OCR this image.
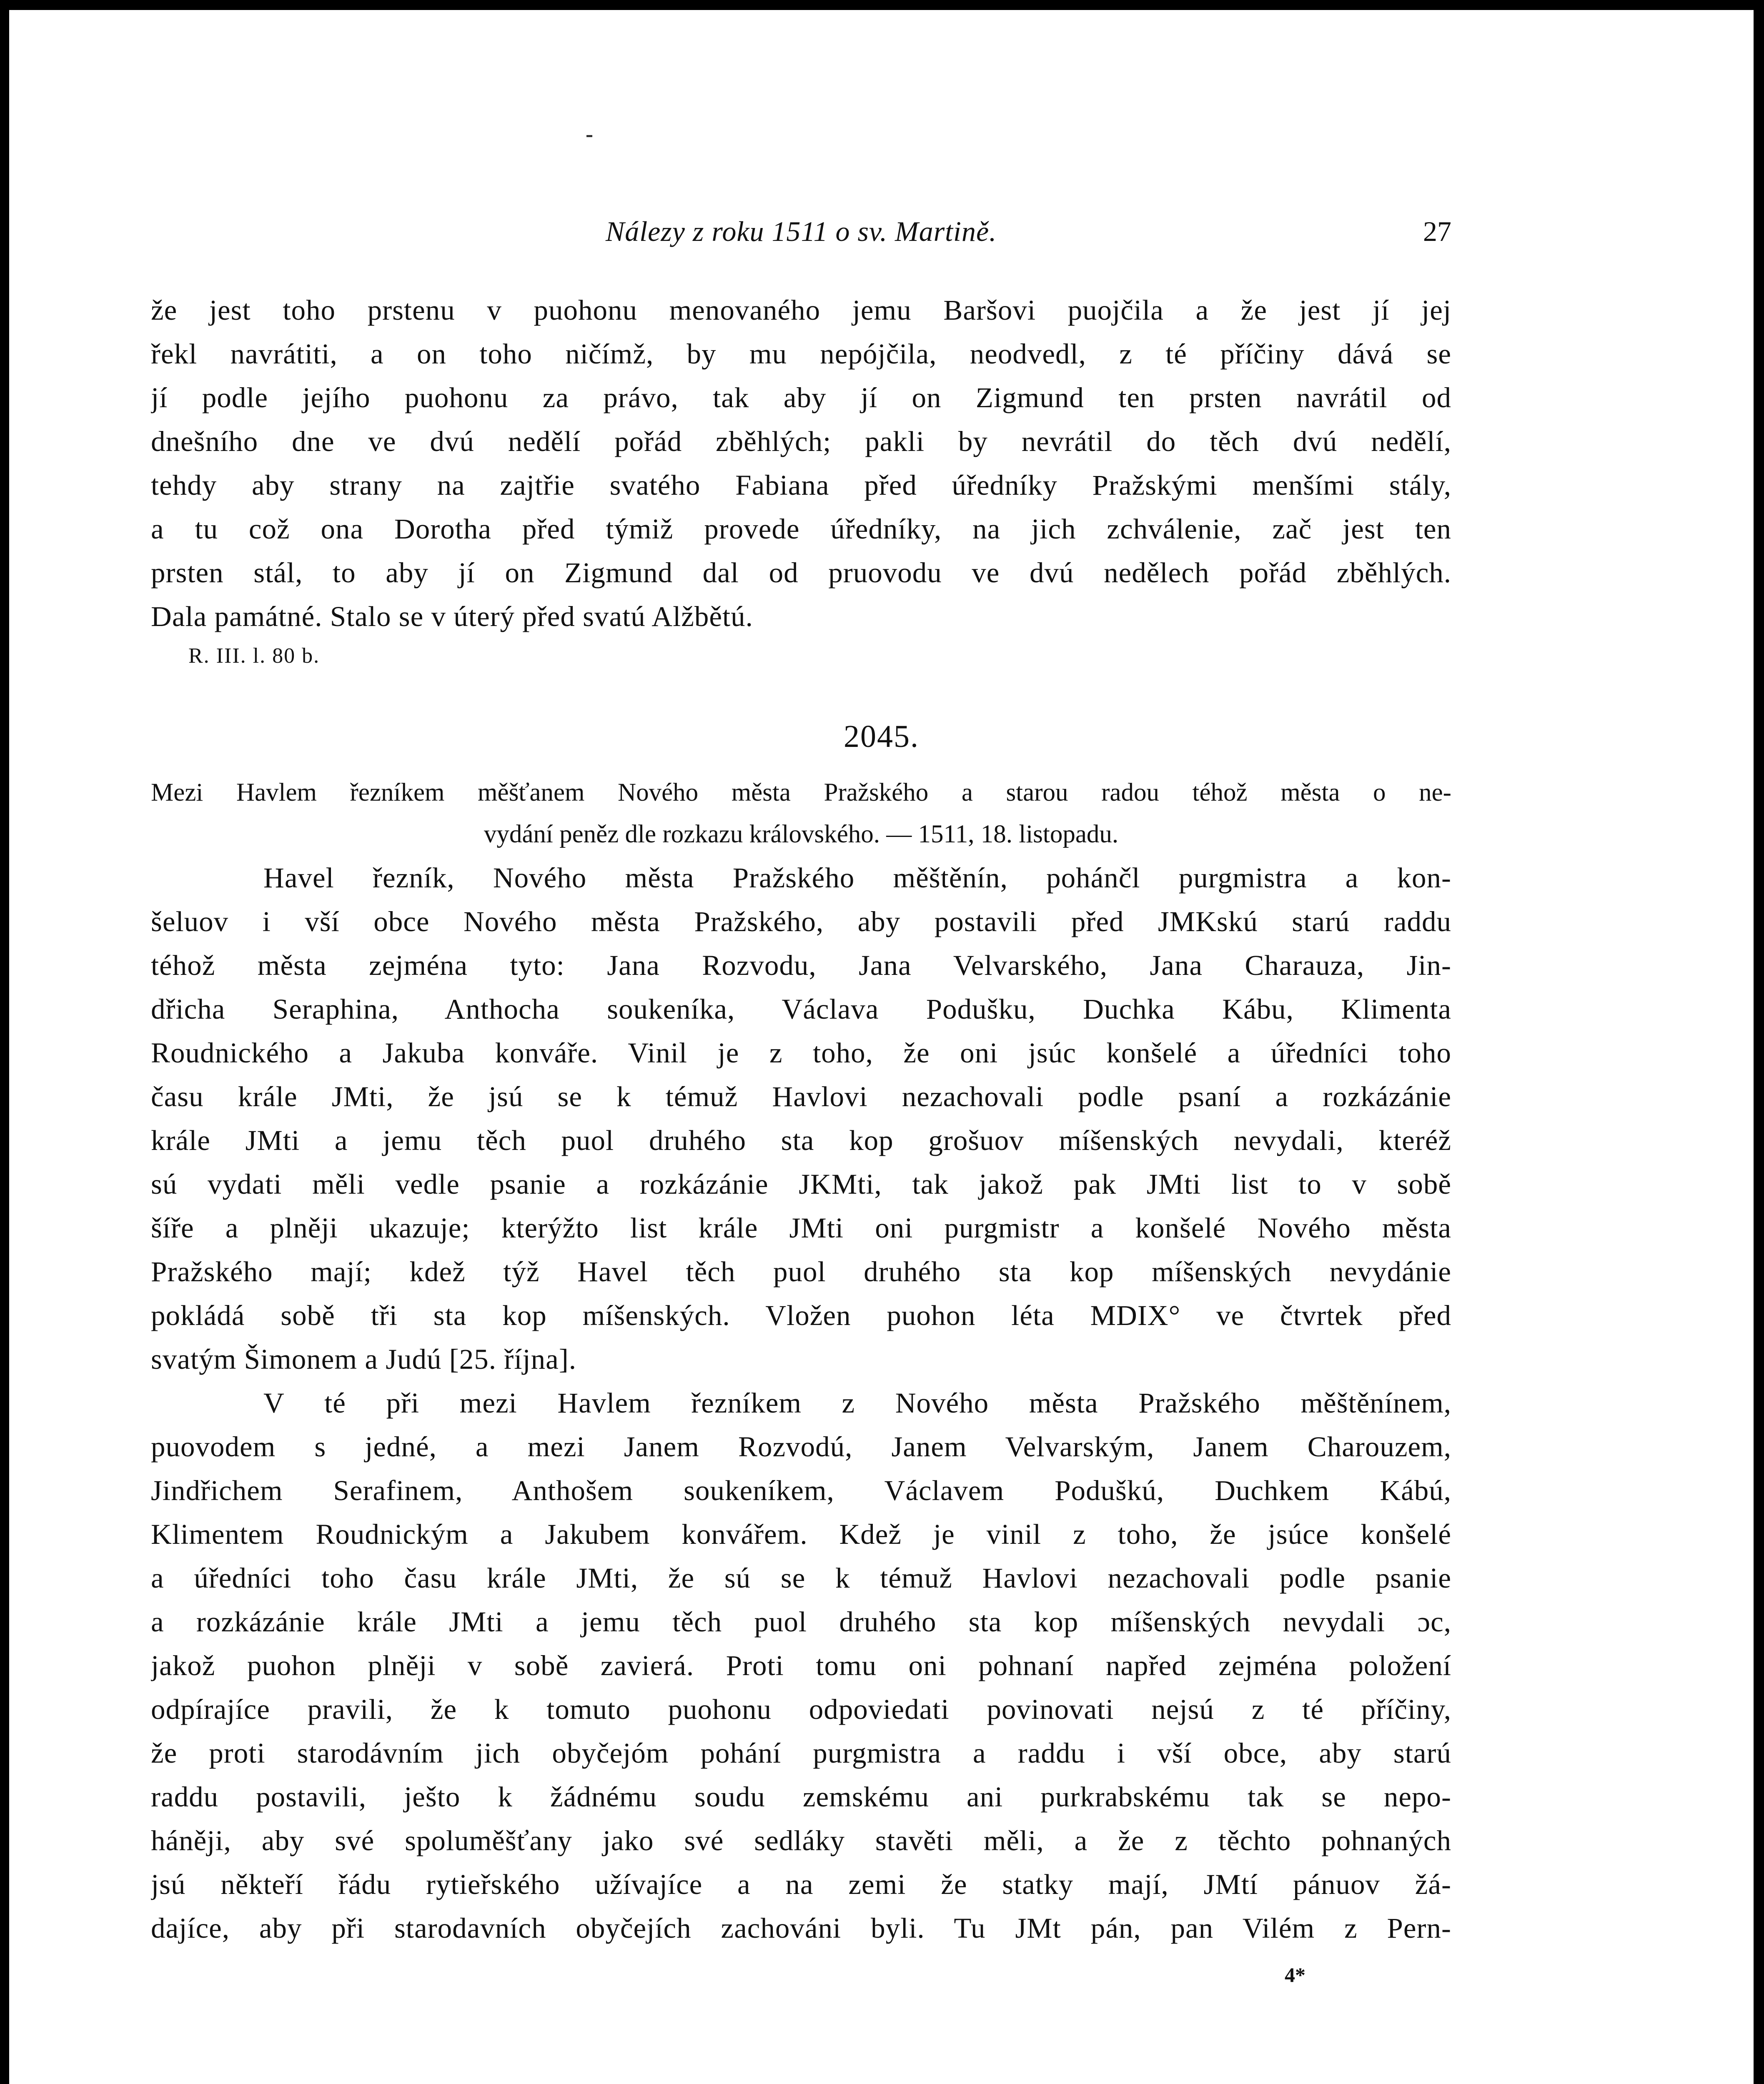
Nálezy z roku 1511 o sv. Martině.	27
že jest toho prstenu v puohonu menovaného jemu Baršovi puojčila a že jest jí jej
řekl navrátiti, a on toho ničímž, by mu nepójčila, neodvedl, z té příčiny dává se
jí podle jejího puohonu za právo, tak aby jí on Zigmund ten prsten navrátil od
dnešního dne ve dvú nedělí pořád zběhlých; pakli by nevrátil do těch dvú nedělí,
tehdy aby strany na zajtřie svatého Fabiana před úředníky Pražskými menšími stály,
a tu což ona Dorotha před týmiž provede úředníky, na jich zchválenie, zač jest ten
prsten stál, to aby jí on Zigmund dal od pruovodu ve dvú nedělech pořád zběhlých.
Dala památné. Stalo se v úterý před svatú Alžbětú.
R. III. l. 80 b.
2045.
Mezi Havlem řezníkem měšťanem Nového města Pražského a starou radou téhož města o ne-
vydání peněz dle rozkazu královského. — 1511, 18. listopadu.
Havel řezník, Nového města Pražského měštěnín, pohánčl purgmistra a kon-
šeluov i vší obce Nového města Pražského, aby postavili před JMKskú starú raddu
téhož města zejména tyto: Jana Rozvodu, Jana Velvarského, Jana Charauza, Jin-
dřicha Seraphina, Anthocha soukeníka, Václava Podušku, Duchka Kábu, Klimenta
Roudnického a Jakuba konváře. Vinil je z toho, že oni jsúc konšelé a úředníci toho
času krále JMti, že jsú se k témuž Havlovi nezachovali podle psaní a rozkázánie
krále JMti a jemu těch puol druhého sta kop grošuov míšenských nevydali, kteréž
sú vydati měli vedle psanie a rozkázánie JKMti, tak jakož pak JMti list to v sobě
šíře a plněji ukazuje; kterýžto list krále JMti oni purgmistr a konšelé Nového města
Pražského mají; kdež týž Havel těch puol druhého sta kop míšenských nevydánie
pokládá sobě tři sta kop míšenských. Vložen puohon léta MDIX° ve čtvrtek před
svatým Šimonem a Judú [25. října].
V té při mezi Havlem řezníkem z Nového města Pražského měštěnínem,
puovodem s jedné, a mezi Janem Rozvodú, Janem Velvarským, Janem Charouzem,
Jindřichem Serafinem, Anthošem soukeníkem, Václavem Poduškú, Duchkem Kábú,
Klimentem Roudnickým a Jakubem konvářem. Kdež je vinil z toho, že jsúce konšelé
a úředníci toho času krále JMti, že sú se k témuž Havlovi nezachovali podle psanie
a rozkázánie krále JMti a jemu těch puol druhého sta kop míšenských nevydali ɔc,
jakož puohon plněji v sobě zavierá. Proti tomu oni pohnaní napřed zejména položení
odpírajíce pravili, že k tomuto puohonu odpoviedati povinovati nejsú z té příčiny,
že proti starodávním jich obyčejóm pohání purgmistra a raddu i vší obce, aby starú
raddu postavili, ješto k žádnému soudu zemskému ani purkrabskému tak se nepo-
háněji, aby své spoluměšťany jako své sedláky stavěti měli, a že z těchto pohnaných
jsú někteří řádu rytieřského užívajíce a na zemi že statky mají, JMtí pánuov žá-
dajíce, aby při starodavních obyčejích zachováni byli. Tu JMt pán, pan Vilém z Pern-
4*
